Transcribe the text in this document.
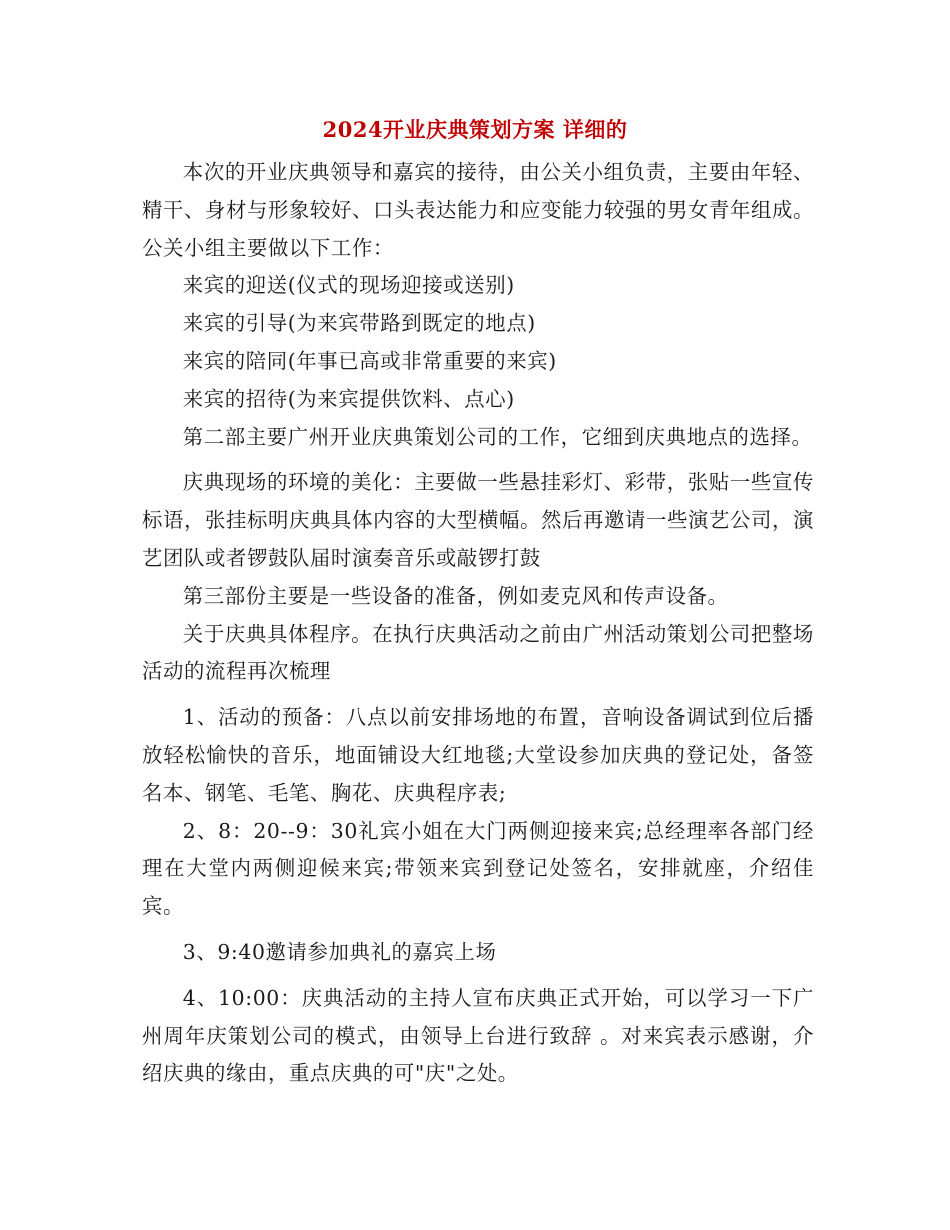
2024开业庆典策划方案 详细的

本次的开业庆典领导和嘉宾的接待，由公关小组负责，主要由年轻、精干、身材与形象较好、口头表达能力和应变能力较强的男女青年组成。公关小组主要做以下工作：

来宾的迎送(仪式的现场迎接或送别)

来宾的引导(为来宾带路到既定的地点)

来宾的陪同(年事已高或非常重要的来宾)

来宾的招待(为来宾提供饮料、点心)

第二部主要广州开业庆典策划公司的工作，它细到庆典地点的选择。

庆典现场的环境的美化：主要做一些悬挂彩灯、彩带，张贴一些宣传标语，张挂标明庆典具体内容的大型横幅。然后再邀请一些演艺公司，演艺团队或者锣鼓队届时演奏音乐或敲锣打鼓

第三部份主要是一些设备的准备，例如麦克风和传声设备。

关于庆典具体程序。在执行庆典活动之前由广州活动策划公司把整场活动的流程再次梳理

1、活动的预备：八点以前安排场地的布置，音响设备调试到位后播放轻松愉快的音乐，地面铺设大红地毯;大堂设参加庆典的登记处，备签名本、钢笔、毛笔、胸花、庆典程序表;

2、8：20--9：30礼宾小姐在大门两侧迎接来宾;总经理率各部门经理在大堂内两侧迎候来宾;带领来宾到登记处签名，安排就座，介绍佳宾。

3、9:40邀请参加典礼的嘉宾上场

4、10:00：庆典活动的主持人宣布庆典正式开始，可以学习一下广州周年庆策划公司的模式，由领导上台进行致辞 。对来宾表示感谢，介绍庆典的缘由，重点庆典的可"庆"之处。
